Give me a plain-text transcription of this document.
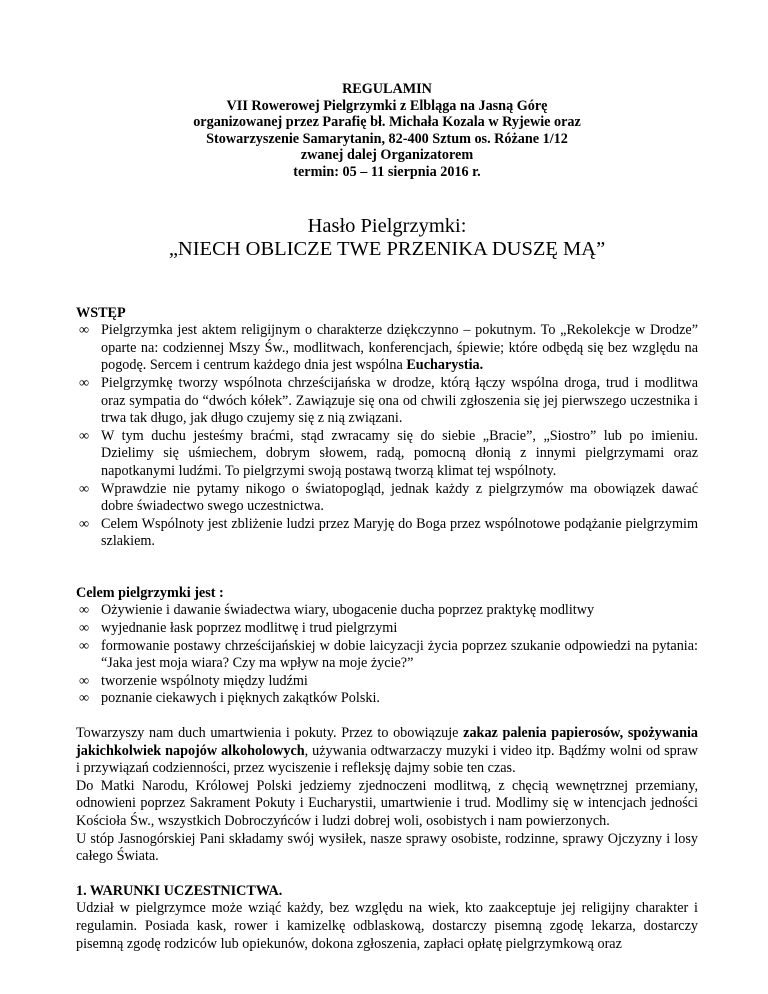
REGULAMIN
VII Rowerowej Pielgrzymki z Elbląga na Jasną Górę
organizowanej przez Parafię bł. Michała Kozala w Ryjewie oraz
Stowarzyszenie Samarytanin, 82-400 Sztum os. Różane 1/12
zwanej dalej Organizatorem
termin: 05 – 11 sierpnia 2016 r.
Hasło Pielgrzymki:
„NIECH OBLICZE TWE PRZENIKA DUSZĘ MĄ”
WSTĘP
∞ Pielgrzymka jest aktem religijnym o charakterze dziękczynno – pokutnym. To „Rekolekcje w Drodze” oparte na: codziennej Mszy Św., modlitwach, konferencjach, śpiewie; które odbędą się bez względu na pogodę. Sercem i centrum każdego dnia jest wspólna Eucharystia.
∞ Pielgrzymkę tworzy wspólnota chrześcijańska w drodze, którą łączy wspólna droga, trud i modlitwa oraz sympatia do “dwóch kółek”. Zawiązuje się ona od chwili zgłoszenia się jej pierwszego uczestnika i trwa tak długo, jak długo czujemy się z nią związani.
∞ W tym duchu jesteśmy braćmi, stąd zwracamy się do siebie „Bracie”, „Siostro” lub po imieniu. Dzielimy się uśmiechem, dobrym słowem, radą, pomocną dłonią z innymi pielgrzymami oraz napotkanymi ludźmi. To pielgrzymi swoją postawą tworzą klimat tej wspólnoty.
∞ Wprawdzie nie pytamy nikogo o światopogląd, jednak każdy z pielgrzymów ma obowiązek dawać dobre świadectwo swego uczestnictwa.
∞ Celem Wspólnoty jest zbliżenie ludzi przez Maryję do Boga przez wspólnotowe podążanie pielgrzymim szlakiem.
Celem pielgrzymki jest :
∞ Ożywienie i dawanie świadectwa wiary, ubogacenie ducha poprzez praktykę modlitwy
∞ wyjednanie łask poprzez modlitwę i trud pielgrzymi
∞ formowanie postawy chrześcijańskiej w dobie laicyzacji życia poprzez szukanie odpowiedzi na pytania: “Jaka jest moja wiara? Czy ma wpływ na moje życie?”
∞ tworzenie wspólnoty między ludźmi
∞ poznanie ciekawych i pięknych zakątków Polski.
Towarzyszy nam duch umartwienia i pokuty. Przez to obowiązuje zakaz palenia papierosów, spożywania jakichkolwiek napojów alkoholowych, używania odtwarzaczy muzyki i video itp. Bądźmy wolni od spraw i przywiązań codzienności, przez wyciszenie i refleksję dajmy sobie ten czas.
Do Matki Narodu, Królowej Polski jedziemy zjednoczeni modlitwą, z chęcią wewnętrznej przemiany, odnowieni poprzez Sakrament Pokuty i Eucharystii, umartwienie i trud. Modlimy się w intencjach jedności Kościoła Św., wszystkich Dobroczyńców i ludzi dobrej woli, osobistych i nam powierzonych.
U stóp Jasnogórskiej Pani składamy swój wysiłek, nasze sprawy osobiste, rodzinne, sprawy Ojczyzny i losy całego Świata.
1. WARUNKI UCZESTNICTWA.
Udział w pielgrzymce może wziąć każdy, bez względu na wiek, kto zaakceptuje jej religijny charakter i regulamin. Posiada kask, rower i kamizelkę odblaskową, dostarczy pisemną zgodę lekarza, dostarczy pisemną zgodę rodziców lub opiekunów, dokona zgłoszenia, zapłaci opłatę pielgrzymkową oraz
